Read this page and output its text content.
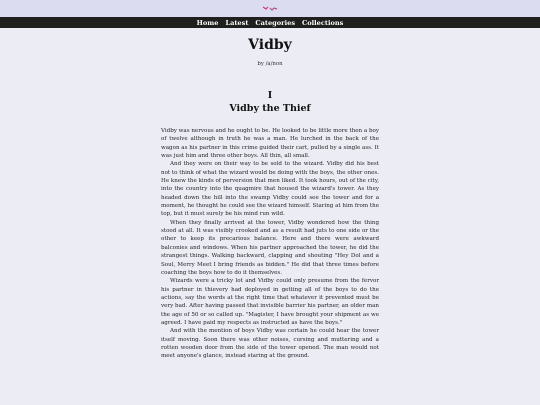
Home Latest Categories Collections
Vidby
by /a/non
I
Vidby the Thief

Vidby was nervous and he ought to be. He looked to be little more then a boy of twelve although in truth he was a man. He lurched in the back of the wagon as his partner in this crime guided their cart, pulled by a single ass. It was just him and three other boys. All thin, all small.

And they were on their way to be sold to the wizard. Vidby did his best not to think of what the wizard would be doing with the boys, the other ones. He knew the kinds of perversion that men liked. It took hours, out of the city, into the country into the quagmire that housed the wizard's tower. As they headed down the hill into the swamp Vidby could see the tower and for a moment, he thought he could see the wizard himself. Staring at him from the top, but it must surely be his mind run wild.

When they finally arrived at the tower, Vidby wondered how the thing stood at all. It was visibly crooked and as a result had juts to one side or the other to keep its precarious balance. Here and there were awkward balconies and windows. When his partner approached the tower, he did the strangest things. Walking backward, clapping and shouting "Hey Dol and a Soul, Merry Meet I bring friends as bidden." He did that three times before coaching the boys how to do it themselves.

Wizards were a tricky lot and Vidby could only presume from the fervor his partner in thievery had deployed in getting all of the boys to do the actions, say the words at the right time that whatever it prevented must be very bad. After having passed that invisible barrier his partner, an older man the age of 50 or so called up. "Magister, I have brought your shipment as we agreed. I have paid my respects as instructed as have the boys."

And with the mention of boys Vidby was certain he could hear the tower itself moving. Soon there was other noises, cursing and muttering and a rotten wooden door from the side of the tower opened. The man would not meet anyone's glance, instead staring at the ground.
